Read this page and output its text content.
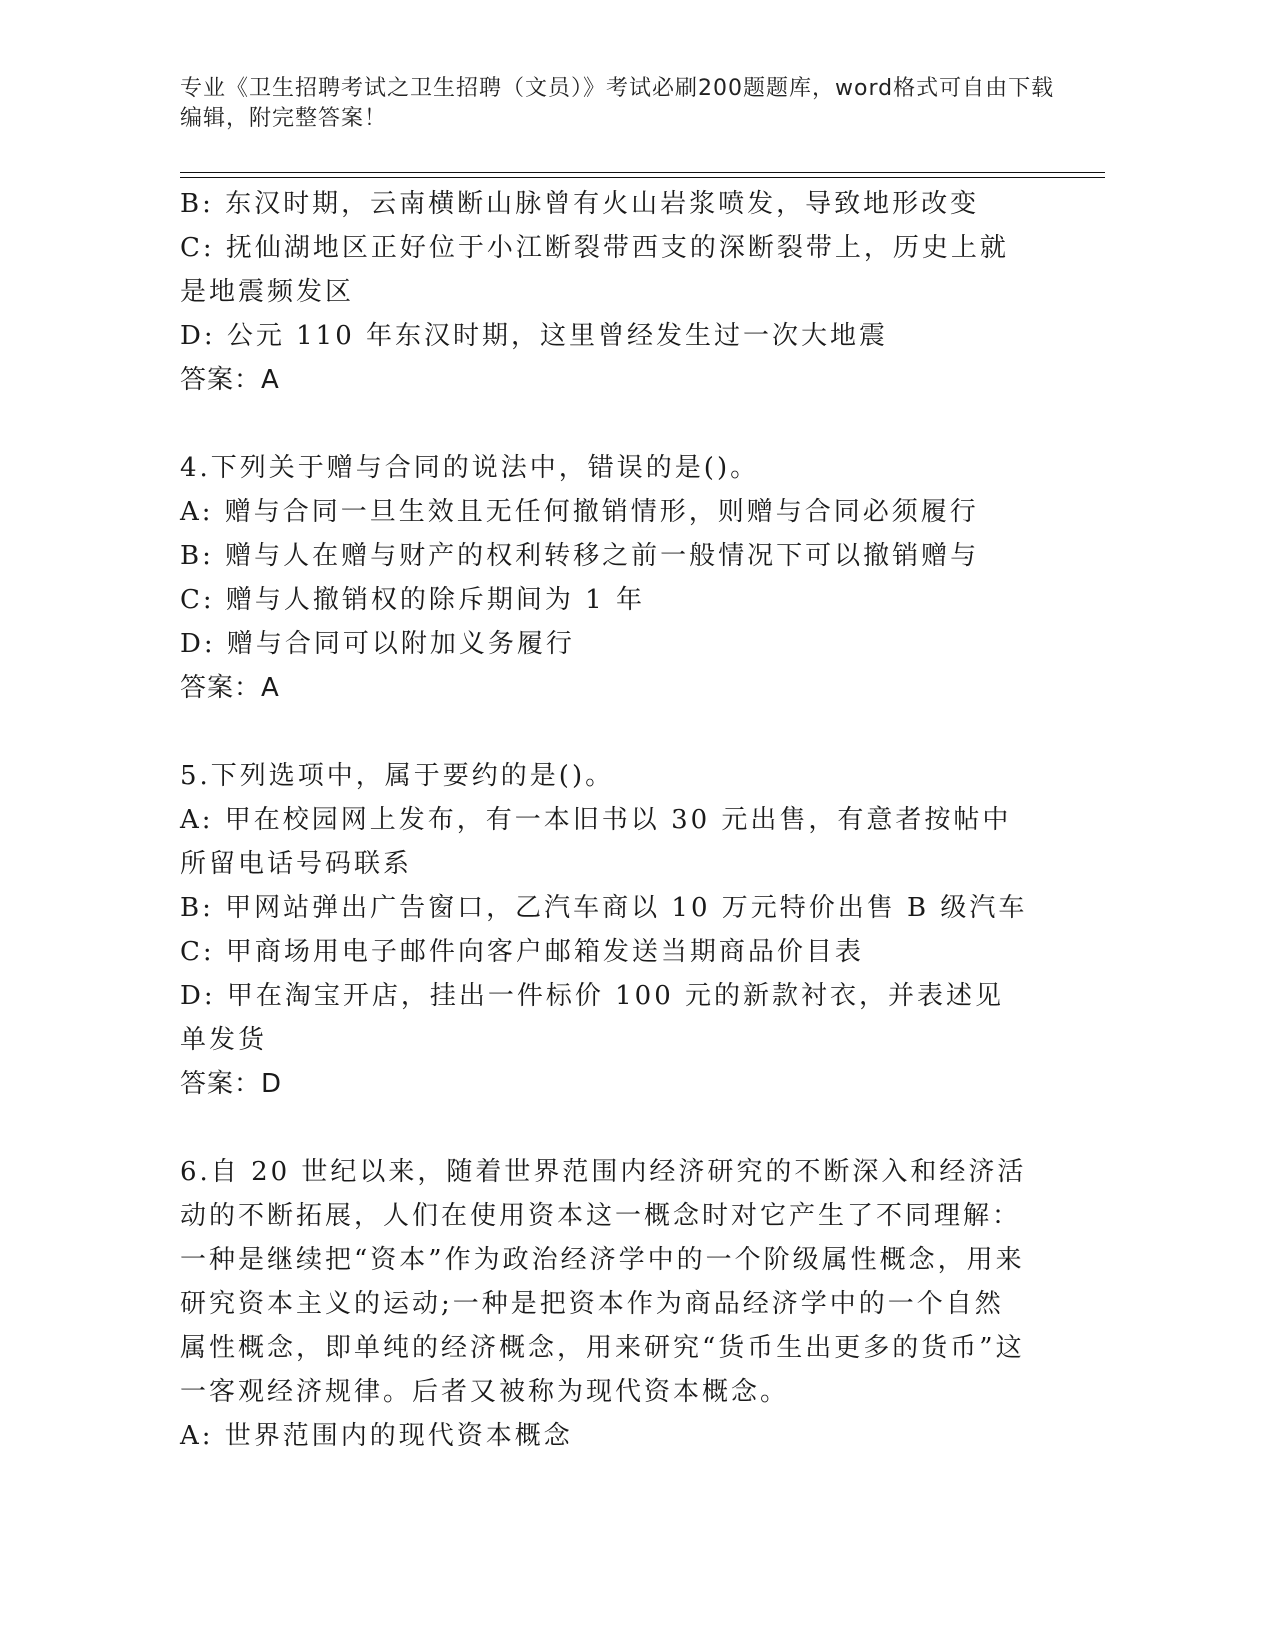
专业《卫生招聘考试之卫生招聘（文员）》考试必刷200题题库，word格式可自由下载编辑，附完整答案！

B: 东汉时期，云南横断山脉曾有火山岩浆喷发，导致地形改变

C: 抚仙湖地区正好位于小江断裂带西支的深断裂带上，历史上就是地震频发区

D: 公元 110 年东汉时期，这里曾经发生过一次大地震

答案：A

4.下列关于赠与合同的说法中，错误的是()。

A: 赠与合同一旦生效且无任何撤销情形，则赠与合同必须履行

B: 赠与人在赠与财产的权利转移之前一般情况下可以撤销赠与

C: 赠与人撤销权的除斥期间为 1 年

D: 赠与合同可以附加义务履行

答案：A

5.下列选项中，属于要约的是()。

A: 甲在校园网上发布，有一本旧书以 30 元出售，有意者按帖中所留电话号码联系

B: 甲网站弹出广告窗口，乙汽车商以 10 万元特价出售 B 级汽车

C: 甲商场用电子邮件向客户邮箱发送当期商品价目表

D: 甲在淘宝开店，挂出一件标价 100 元的新款衬衣，并表述见单发货

答案：D

6.自 20 世纪以来，随着世界范围内经济研究的不断深入和经济活动的不断拓展，人们在使用资本这一概念时对它产生了不同理解：一种是继续把“资本”作为政治经济学中的一个阶级属性概念，用来研究资本主义的运动;一种是把资本作为商品经济学中的一个自然属性概念，即单纯的经济概念，用来研究“货币生出更多的货币”这一客观经济规律。后者又被称为现代资本概念。

A: 世界范围内的现代资本概念
